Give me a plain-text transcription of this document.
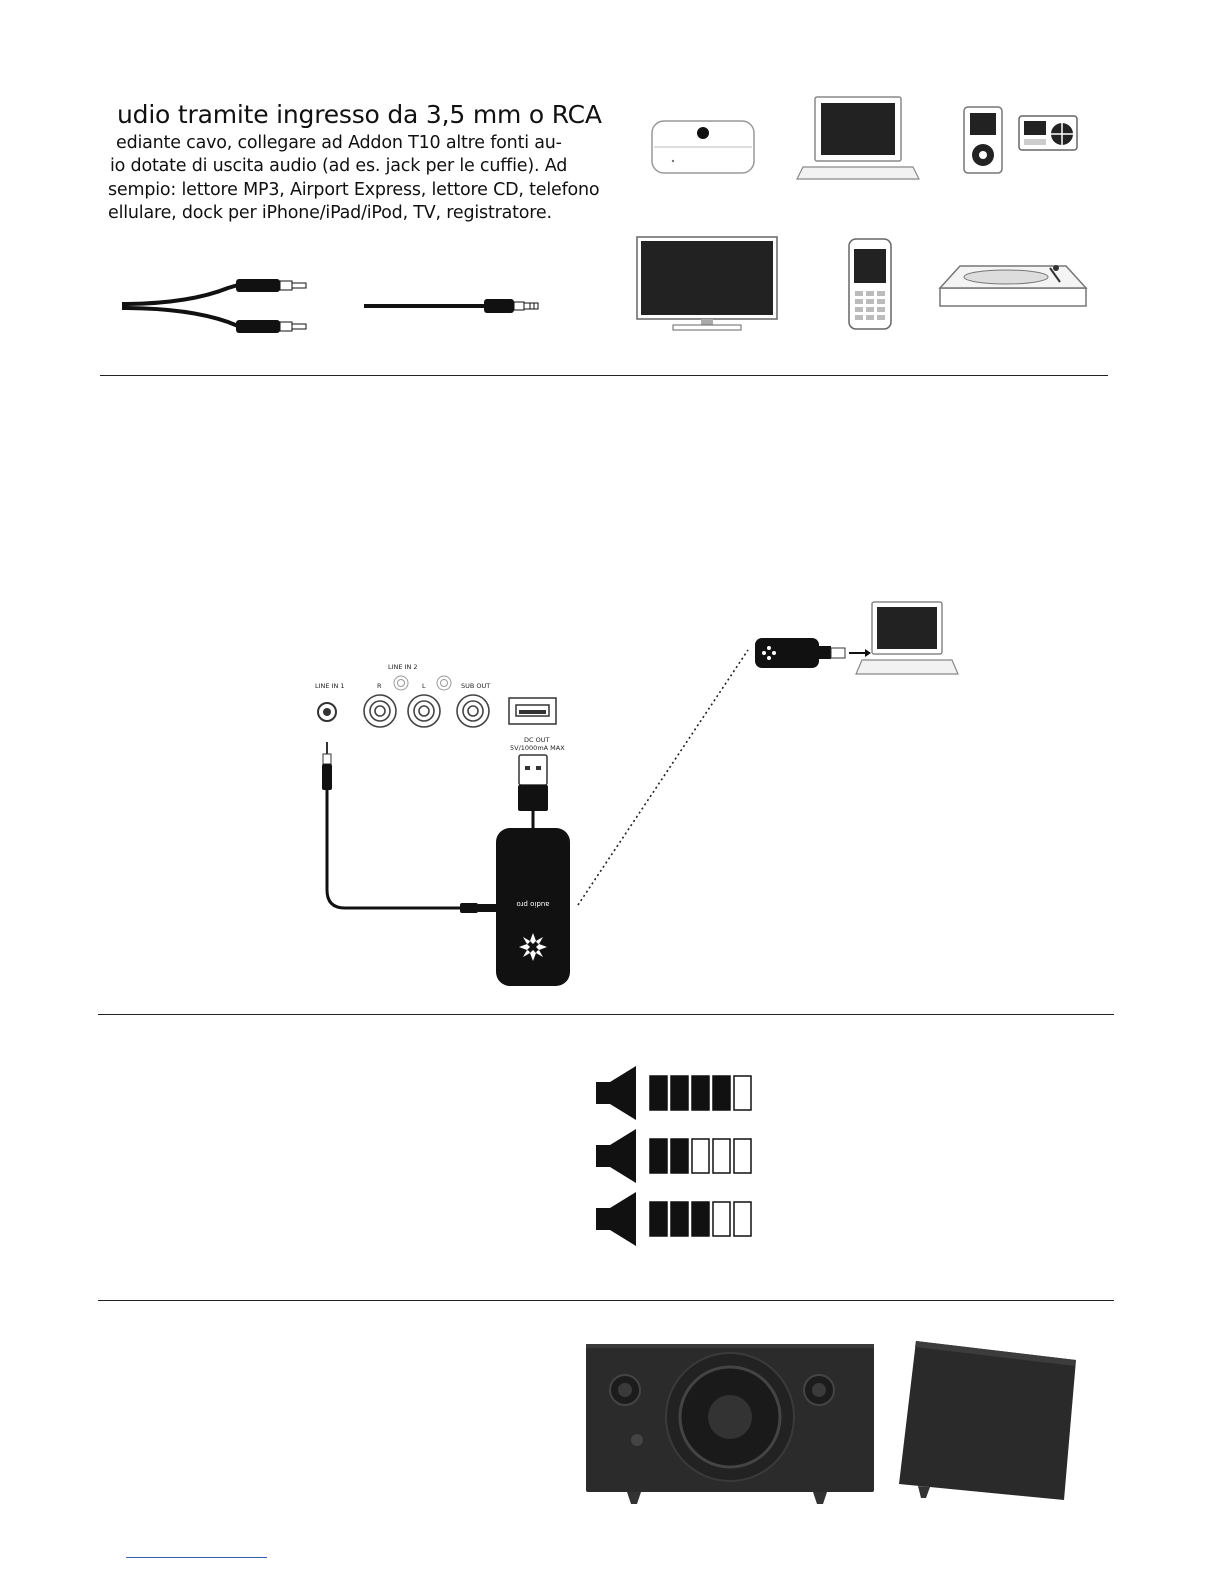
udio tramite ingresso da 3,5 mm o RCA
ediante cavo, collegare ad Addon T10 altre fonti au-
io dotate di uscita audio (ad es. jack per le cuffie). Ad
sempio: lettore MP3, Airport Express, lettore CD, telefono
ellulare, dock per iPhone/iPad/iPod, TV, registratore.
LINE IN 2
LINE IN 1	R	L	SUB OUT
DC OUT
5V/1000mA MAX
audio pro
